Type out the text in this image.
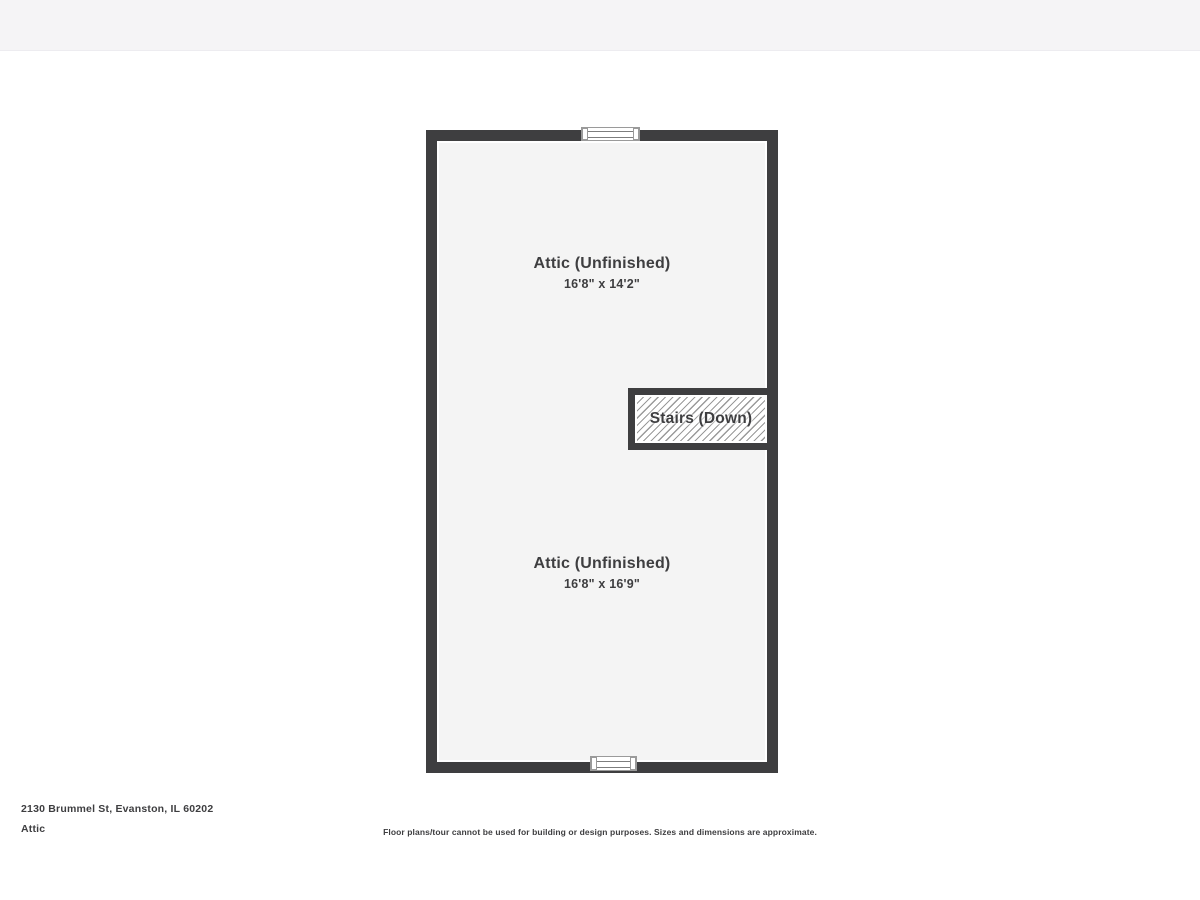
Attic (Unfinished)
16'8" x 14'2"
Stairs (Down)
Attic (Unfinished)
16'8" x 16'9"
2130 Brummel St, Evanston, IL 60202
Attic	Floor plans/tour cannot be used for building or design purposes. Sizes and dimensions are approximate.
